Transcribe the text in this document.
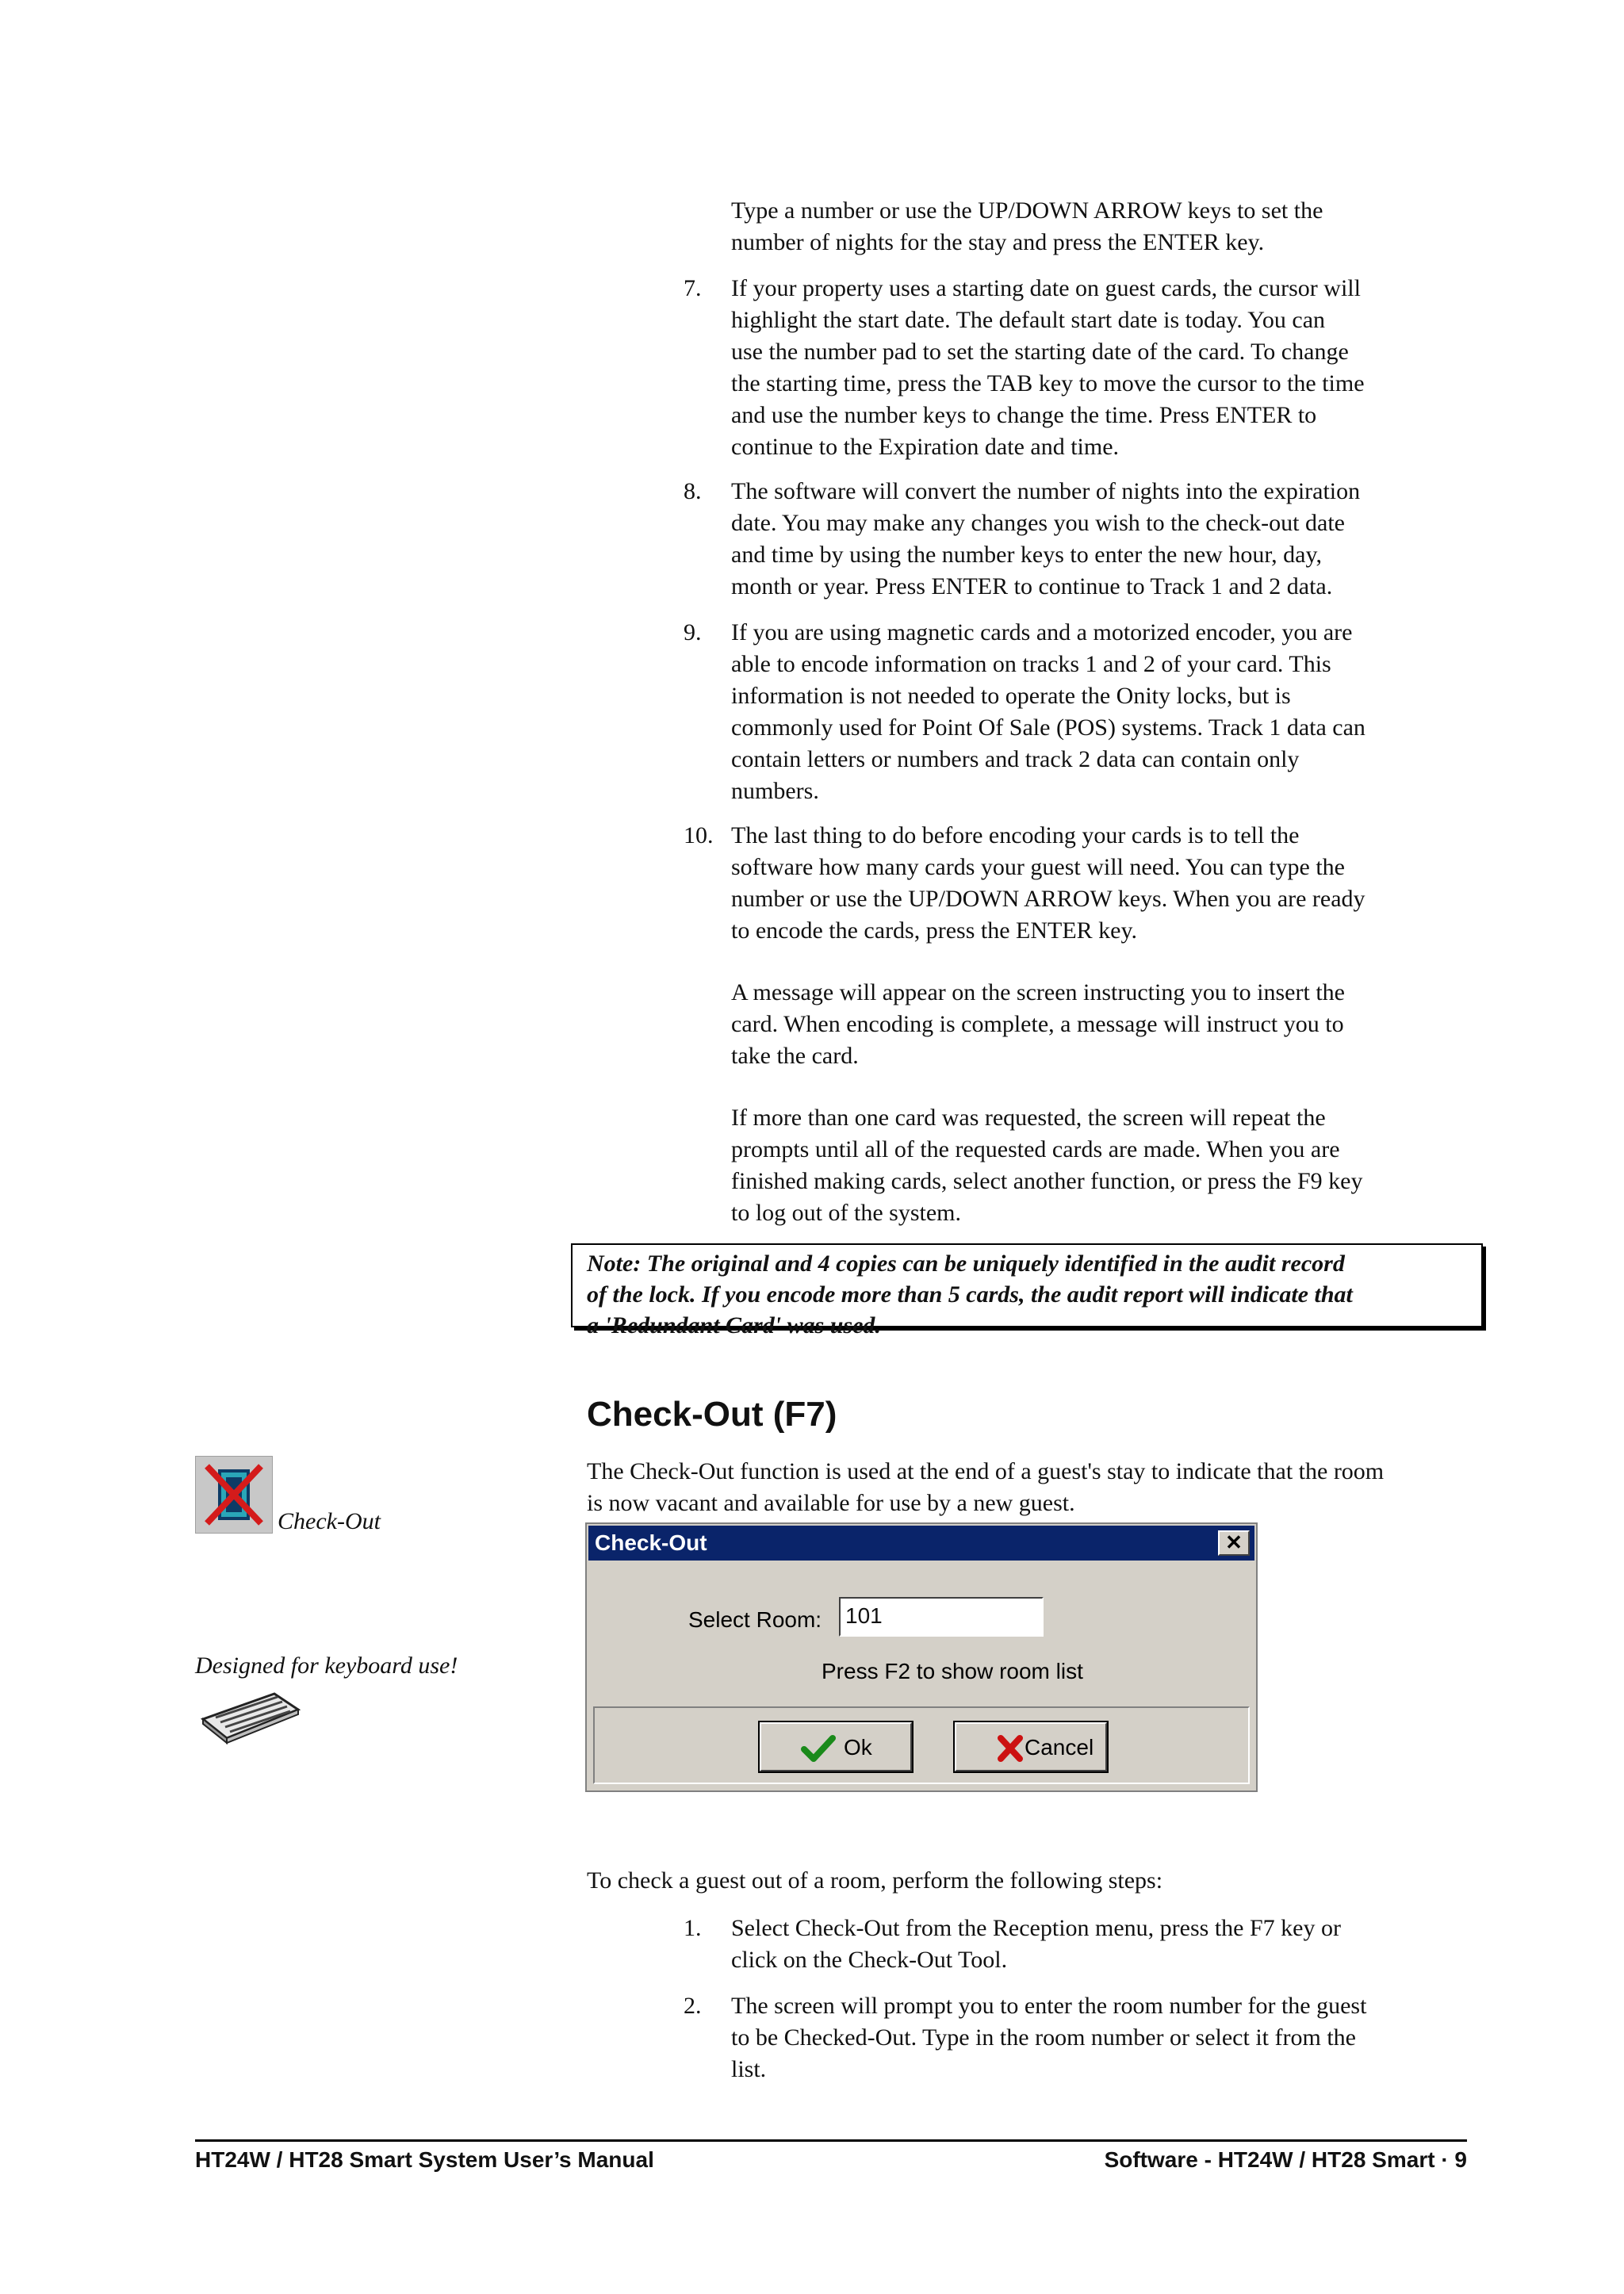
Type a number or use the UP/DOWN ARROW keys to set the
number of nights for the stay and press the ENTER key.
7.	If your property uses a starting date on guest cards, the cursor will
highlight the start date. The default start date is today. You can
use the number pad to set the starting date of the card. To change
the starting time, press the TAB key to move the cursor to the time
and use the number keys to change the time. Press ENTER to
continue to the Expiration date and time.
8.	The software will convert the number of nights into the expiration
date. You may make any changes you wish to the check-out date
and time by using the number keys to enter the new hour, day,
month or year. Press ENTER to continue to Track 1 and 2 data.
9.	If you are using magnetic cards and a motorized encoder, you are
able to encode information on tracks 1 and 2 of your card. This
information is not needed to operate the Onity locks, but is
commonly used for Point Of Sale (POS) systems. Track 1 data can
contain letters or numbers and track 2 data can contain only
numbers.
10. The last thing to do before encoding your cards is to tell the
software how many cards your guest will need. You can type the
number or use the UP/DOWN ARROW keys. When you are ready
to encode the cards, press the ENTER key.
A message will appear on the screen instructing you to insert the
card. When encoding is complete, a message will instruct you to
take the card.
If more than one card was requested, the screen will repeat the
prompts until all of the requested cards are made. When you are
finished making cards, select another function, or press the F9 key
to log out of the system.
Note: The original and 4 copies can be uniquely identified in the audit record
of the lock. If you encode more than 5 cards, the audit report will indicate that
a 'Redundant Card' was used.
Check-Out (F7)
The Check-Out function is used at the end of a guest's stay to indicate that the room
is now vacant and available for use by a new guest.
Check-Out
Designed for keyboard use!
Check-Out	✕
Select Room: 101
Press F2 to show room list
Ok	Cancel
To check a guest out of a room, perform the following steps:
1.	Select Check-Out from the Reception menu, press the F7 key or
click on the Check-Out Tool.
2.	The screen will prompt you to enter the room number for the guest
to be Checked-Out. Type in the room number or select it from the
list.
HT24W / HT28 Smart System User’s Manual	Software - HT24W / HT28 Smart · 9
